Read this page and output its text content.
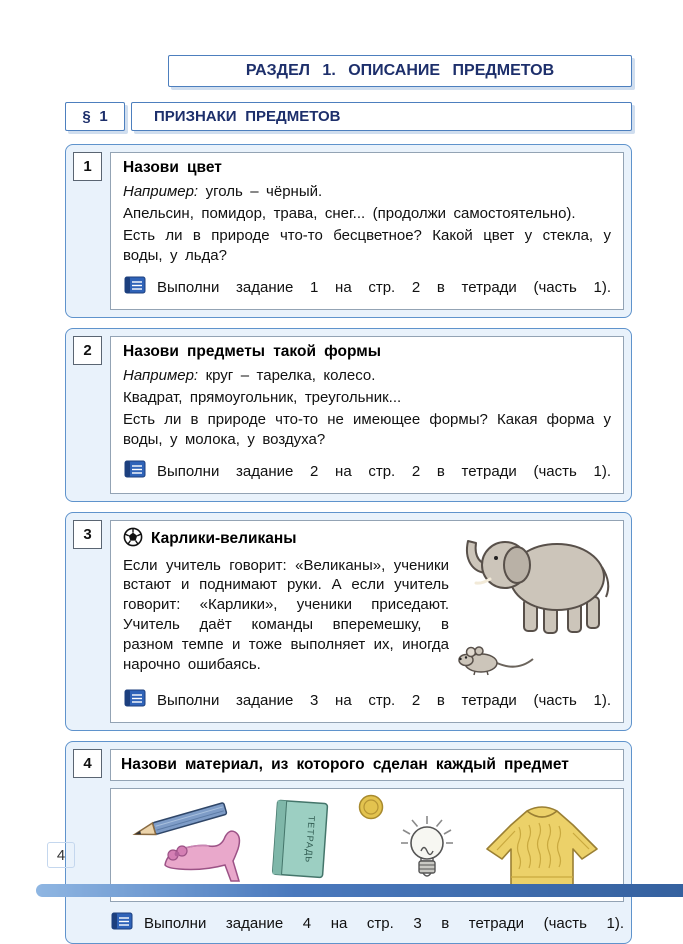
РАЗДЕЛ 1. ОПИСАНИЕ ПРЕДМЕТОВ
§ 1	ПРИЗНАКИ ПРЕДМЕТОВ
1	Назови цвет

Например: уголь – чёрный.

Апельсин, помидор, трава, снег... (продолжи самостоятельно).

Есть ли в природе что-то бесцветное? Какой цвет у стекла, у воды, у льда?

Выполни задание 1 на стр. 2 в тетради (часть 1).
2	Назови предметы такой формы

Например: круг – тарелка, колесо.

Квадрат, прямоугольник, треугольник...

Есть ли в природе что-то не имеющее формы? Какая форма у воды, у молока, у воздуха?

Выполни задание 2 на стр. 2 в тетради (часть 1).
3	Карлики-великаны

Если учитель говорит: «Великаны», ученики встают и поднимают руки. А если учитель говорит: «Карлики», ученики приседают. Учитель даёт команды вперемешку, в разном темпе и тоже выполняет их, иногда нарочно ошибаясь.

Выполни задание 3 на стр. 2 в тетради (часть 1).
4	Назови материал, из которого сделан каждый предмет
ТЕТРАДЬ
Выполни задание 4 на стр. 3 в тетради (часть 1).
4
